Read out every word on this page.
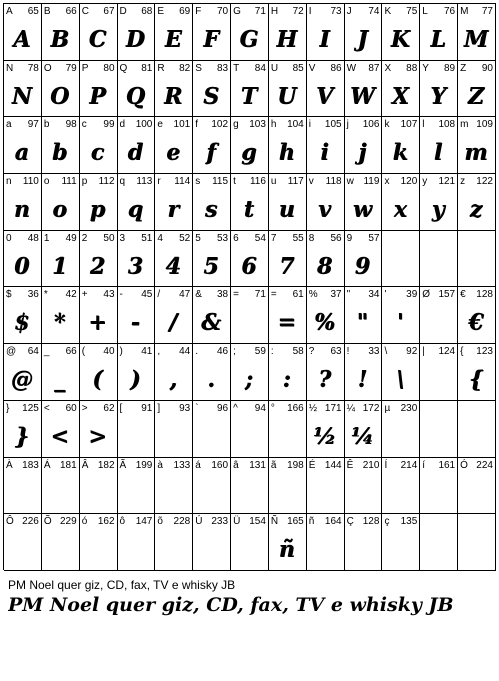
A 65
A
B 66
B
C 67
C
D 68
D
E 69
E
F 70
F
G 71
G
H 72
H
I 73
I
J 74
J
K 75
K
L 76
L
M 77
M
N 78
N
O 79
O
P 80
P
Q 81
Q
R 82
R
S 83
S
T 84
T
U 85
U
V 86
V
W 87
W
X 88
X
Y 89
Y
Z 90
Z
a 97
a
b 98
b
c 99
c
d 100
d
e 101
e
f 102
f
g 103
g
h 104
h
i 105
i
j 106
j
k 107
k
l 108
l
m 109
m
n 110
n
o 111
o
p 112
p
q 113
q
r 114
r
s 115
s
t 116
t
u 117
u
v 118
v
w 119
w
x 120
x
y 121
y
z 122
z
0 48
0
1 49
1
2 50
2
3 51
3
4 52
4
5 53
5
6 54
6
7 55
7
8 56
8
9 57
9
$ 36
$
* 42
*
+ 43
+
- 45
-
/ 47
/
& 38
&
= 71 = 61
=
% 37
%
" 34
"
' 39
'
Ø 157 € 128
€
@ 64
@
_ 66
_
( 40
(
) 41
)
, 44
,
. 46
.
; 59
;
: 58
:
? 63
?
! 33
!
\ 92
\
| 124 { 123
{
} 125
}
< 60
<
> 62
>
[ 91 ] 93 ` 96 ^ 94 ° 166 ½ 171
½
¼ 172
¼
µ 230
À 183 Á 181 Â 182 Ã 199 à 133 á 160 â 131 ã 198 É 144 Ê 210 Í 214 í 161 Ó 224
Ô 226 Õ 229 ó 162 ô 147 õ 228 Ú 233 Ü 154 Ñ 165
ñ
ñ 164 Ç 128 ç 135
PM Noel quer giz, CD, fax, TV e whisky JB
PM Noel quer giz, CD, fax, TV e whisky JB
